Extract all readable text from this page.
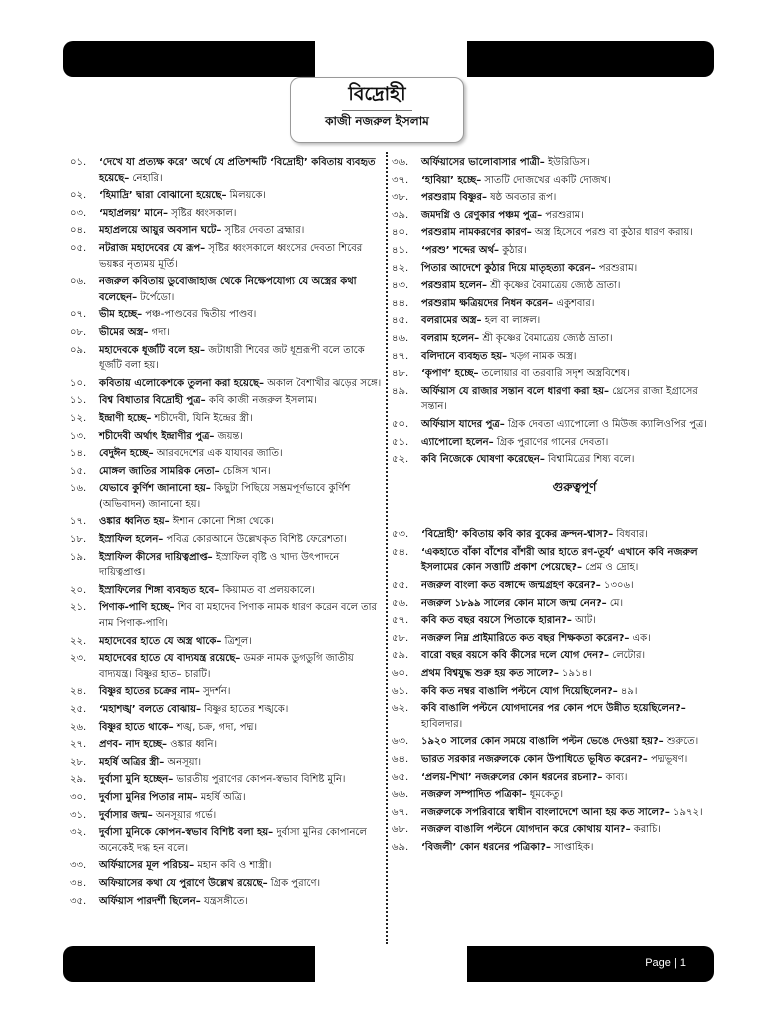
বিদ্রোহী
কাজী নজরুল ইসলাম
০১.	‘দেখে যা প্রত্যক্ষ করে’ অর্থে যে প্রতিশব্দটি ‘বিদ্রোহী’ কবিতায় ব্যবহৃত হয়েছে– নেহারি।
০২.	‘হিমাদ্রি’ দ্বারা বোঝানো হয়েছে– মিলয়কে।
০৩.	‘মহাপ্রলয়’ মানে– সৃষ্টির ধ্বংসকাল।
০৪.	মহাপ্রলয়ে আয়ুর অবসান ঘটে– সৃষ্টির দেবতা ব্রহ্মার।
০৫.	নটরাজ মহাদেবের যে রূপ– সৃষ্টির ধ্বংসকালে ধ্বংসের দেবতা শিবের ভয়ঙ্কর নৃত্যময় মূর্তি।
০৬.	নজরুল কবিতায় ডুবোজাহাজ থেকে নিক্ষেপযোগ্য যে অস্ত্রের কথা বলেছেন– টর্পেডো।
০৭.	ভীম হচ্ছে– পঞ্চ-পাণ্ডবের দ্বিতীয় পাণ্ডব।
০৮.	ভীমের অস্ত্র– গদা।
০৯.	মহাদেবকে ধূর্জটি বলে হয়– জটাধারী শিবের জট ধূম্ররূপী বলে তাকে ধূর্জটি বলা হয়।
১০.	কবিতায় এলোকেশকে তুলনা করা হয়েছে– অকাল বৈশাখীর ঝড়ের সঙ্গে।
১১.	বিশ্ব বিধাতার বিদ্রোহী পুত্র– কবি কাজী নজরুল ইসলাম।
১২.	ইন্দ্রাণী হচ্ছে– শচীদেবী, যিনি ইন্দ্রের স্ত্রী।
১৩.	শচীদেবী অর্থাৎ ইন্দ্রাণীর পুত্র– জয়ন্ত।
১৪.	বেদুঈন হচ্ছে– আরবদেশের এক যাযাবর জাতি।
১৫.	মোঙ্গল জাতির সামরিক নেতা– চেঙ্গিস খান।
১৬.	যেভাবে কুর্ণিশ জানানো হয়– কিছুটা পিছিয়ে সম্ভ্রমপূর্ণভাবে কুর্ণিশ (অভিবাদন) জানানো হয়।
১৭.	ওঙ্কার ধ্বনিত হয়– ঈশান কোনো শিঙ্গা থেকে।
১৮.	ইস্রাফিল হলেন– পবিত্র কোরআনে উল্লেখকৃত বিশিষ্ট ফেরেশতা।
১৯.	ইস্রাফিল কীসের দায়িত্বপ্রাপ্ত– ইস্রাফিল বৃষ্টি ও খাদ্য উৎপাদনে দায়িত্বপ্রাপ্ত।
২০.	ইস্রাফিলের শিঙ্গা ব্যবহৃত হবে– কিয়ামত বা প্রলয়কালে।
২১.	পিণাক-পাণি হচ্ছে– শিব বা মহাদেব পিণাক নামক ধারণ করেন বলে তার নাম পিণাক-পাণি।
২২.	মহাদেবের হাতে যে অস্ত্র থাকে– ত্রিশূল।
২৩.	মহাদেবের হাতে যে বাদ্যযন্ত্র রয়েছে– ডমরু নামক ডুগডুগি জাতীয় বাদ্যযন্ত্র। বিষ্ণুর হাত– চারটি।
২৪.	বিষ্ণুর হাতের চক্রের নাম– সুদর্শন।
২৫.	‘মহাশঙ্খ’ বলতে বোঝায়– বিষ্ণুর হাতের শঙ্খকে।
২৬.	বিষ্ণুর হাতে থাকে– শঙ্খ, চক্র, গদা, পদ্ম।
২৭.	প্রণব- নাদ হচ্ছে– ওঙ্কার ধ্বনি।
২৮.	মহর্ষি অত্রির স্ত্রী– অনসূয়া।
২৯.	দুর্বাসা মুনি হচ্ছেন– ভারতীয় পুরাণের কোপন-স্বভাব বিশিষ্ট মুনি।
৩০.	দুর্বাসা মুনির পিতার নাম– মহর্ষি অত্রি।
৩১.	দুর্বাসার জন্ম– অনসূয়ার গর্ভে।
৩২.	দুর্বাসা মুনিকে কোপন-স্বভাব বিশিষ্ট বলা হয়– দুর্বাসা মুনির কোপানলে অনেকেই দগ্ধ হন বলে।
৩৩.	অর্ফিয়াসের মূল পরিচয়– মহান কবি ও শাস্ত্রী।
৩৪.	অফিয়াসের কথা যে পুরাণে উল্লেখ রয়েছে– গ্রিক পুরাণে।
৩৫.	অর্ফিয়াস পারদর্শী ছিলেন– যন্ত্রসঙ্গীতে।
৩৬.	অর্ফিয়াসের ভালোবাসার পাত্রী– ইউরিডিস।
৩৭.	‘হাবিয়া’ হচ্ছে– সাতটি দোজখের একটি দোজখ।
৩৮.	পরশুরাম বিষ্ণুর– ষষ্ঠ অবতার রূপ।
৩৯.	জমদগ্নি ও রেণুকার পঞ্চম পুত্র– পরশুরাম।
৪০.	পরশুরাম নামকরণের কারণ– অস্ত্র হিসেবে পরশু বা কুঠার ধারণ করায়।
৪১.	‘পরশু’ শব্দের অর্থ– কুঠার।
৪২.	পিতার আদেশে কুঠার দিয়ে মাতৃহত্যা করেন– পরশুরাম।
৪৩.	পরশুরাম হলেন– শ্রী কৃষ্ণের বৈমাত্রেয় জ্যেষ্ঠ ভ্রাতা।
৪৪.	পরশুরাম ক্ষত্রিয়দের নিধন করেন– একুশবার।
৪৫.	বলরামের অস্ত্র– হল বা লাঙ্গল।
৪৬.	বলরাম হলেন– শ্রী কৃষ্ণের বৈমাত্রেয় জ্যেষ্ঠ ভ্রাতা।
৪৭.	বলিদানে ব্যবহৃত হয়– খড়্গ নামক অস্ত্র।
৪৮.	‘কৃপাণ’ হচ্ছে– তলোয়ার বা তরবারি সদৃশ অস্ত্রবিশেষ।
৪৯.	অর্ফিয়াস যে রাজার সন্তান বলে ধারণা করা হয়– থ্রেসের রাজা ইগ্রাসের সন্তান।
৫০.	অর্ফিয়াস যাদের পুত্র– গ্রিক দেবতা এ্যাপোলো ও মিউজ ক্যালিওপির পুত্র।
৫১.	এ্যাপোলো হলেন– গ্রিক পুরাণের গানের দেবতা।
৫২.	কবি নিজেকে ঘোষণা করেছেন– বিশ্বামিত্রের শিষ্য বলে।
গুরুত্বপূর্ণ
৫৩.	‘বিদ্রোহী’ কবিতায় কবি কার বুকের ক্রন্দন-শ্বাস?– বিধবার।
৫৪.	‘একহাতে বাঁকা বাঁশের বাঁশরী আর হাতে রণ-তূর্য’ এখানে কবি নজরুল ইসলামের কোন সত্তাটি প্রকাশ পেয়েছে?– প্রেম ও দ্রোহ।
৫৫.	নজরুল বাংলা কত বঙ্গাব্দে জন্মগ্রহণ করেন?– ১৩০৬।
৫৬.	নজরুল ১৮৯৯ সালের কোন মাসে জন্ম নেন?– মে।
৫৭.	কবি কত বছর বয়সে পিতাকে হারান?– আট।
৫৮.	নজরুল নিম্ন প্রাইমারিতে কত বছর শিক্ষকতা করেন?– এক।
৫৯.	বারো বছর বয়সে কবি কীসের দলে যোগ দেন?– লেটোর।
৬০.	প্রথম বিশ্বযুদ্ধ শুরু হয় কত সালে?– ১৯১৪।
৬১.	কবি কত নম্বর বাঙালি পল্টনে যোগ দিয়েছিলেন?– ৪৯।
৬২.	কবি বাঙালি পল্টনে যোগদানের পর কোন পদে উন্নীত হয়েছিলেন?– হাবিলদার।
৬৩.	১৯২০ সালের কোন সময়ে বাঙালি পল্টন ভেঙে দেওয়া হয়?– শুরুতে।
৬৪.	ভারত সরকার নজরুলকে কোন উপাধিতে ভূষিত করেন?– পদ্মভূষণ।
৬৫.	‘প্রলয়-শিখা’ নজরুলের কোন ধরনের রচনা?– কাব্য।
৬৬.	নজরুল সম্পাদিত পত্রিকা– ধূমকেতু।
৬৭.	নজরুলকে সপরিবারে স্বাধীন বাংলাদেশে আনা হয় কত সালে?– ১৯৭২।
৬৮.	নজরুল বাঙালি পল্টনে যোগদান করে কোথায় যান?– করাচি।
৬৯.	‘বিজলী’ কোন ধরনের পত্রিকা?– সাপ্তাহিক।
Page | 1
